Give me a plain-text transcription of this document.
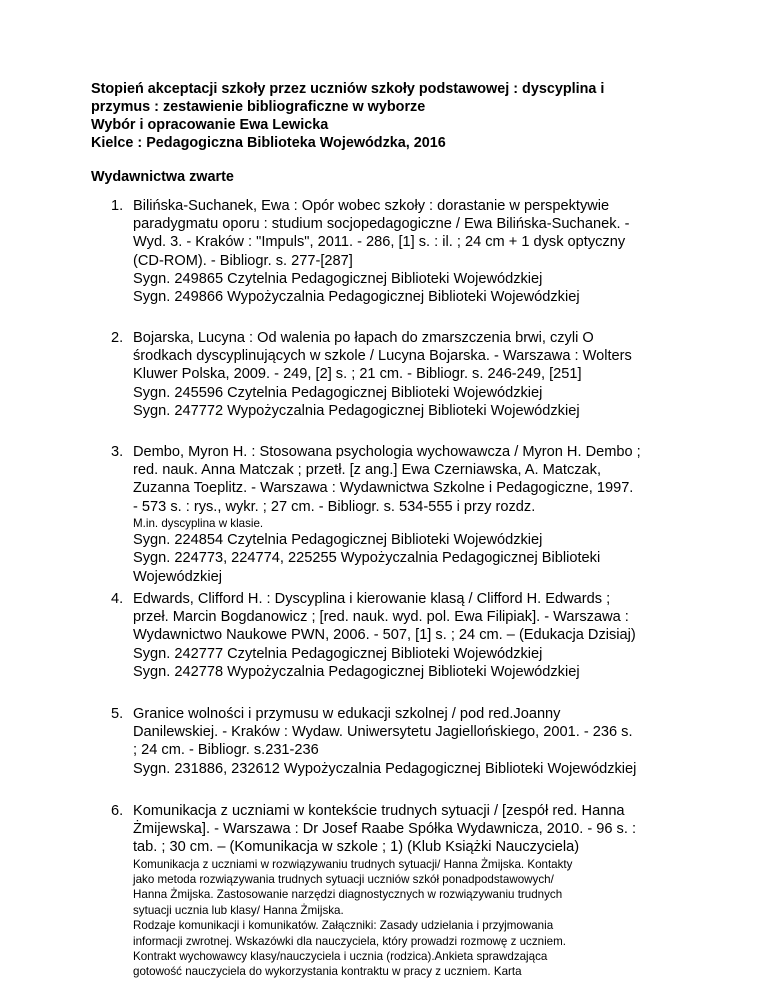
Stopień akceptacji szkoły przez uczniów szkoły podstawowej : dyscyplina i
przymus : zestawienie bibliograficzne w wyborze
Wybór i opracowanie Ewa Lewicka
Kielce : Pedagogiczna Biblioteka Wojewódzka, 2016
Wydawnictwa zwarte
1. Bilińska-Suchanek, Ewa : Opór wobec szkoły : dorastanie w perspektywie
paradygmatu oporu : studium socjopedagogiczne / Ewa Bilińska-Suchanek. -
Wyd. 3. - Kraków : "Impuls", 2011. - 286, [1] s. : il. ; 24 cm + 1 dysk optyczny
(CD-ROM). - Bibliogr. s. 277-[287]
Sygn. 249865 Czytelnia Pedagogicznej Biblioteki Wojewódzkiej
Sygn. 249866 Wypożyczalnia Pedagogicznej Biblioteki Wojewódzkiej
2. Bojarska, Lucyna : Od walenia po łapach do zmarszczenia brwi, czyli O
środkach dyscyplinujących w szkole / Lucyna Bojarska. - Warszawa : Wolters
Kluwer Polska, 2009. - 249, [2] s. ; 21 cm. - Bibliogr. s. 246-249, [251]
Sygn. 245596 Czytelnia Pedagogicznej Biblioteki Wojewódzkiej
Sygn. 247772 Wypożyczalnia Pedagogicznej Biblioteki Wojewódzkiej
3. Dembo, Myron H. : Stosowana psychologia wychowawcza / Myron H. Dembo ;
red. nauk. Anna Matczak ; przetł. [z ang.] Ewa Czerniawska, A. Matczak,
Zuzanna Toeplitz. - Warszawa : Wydawnictwa Szkolne i Pedagogiczne, 1997.
- 573 s. : rys., wykr. ; 27 cm. - Bibliogr. s. 534-555 i przy rozdz.
M.in. dyscyplina w klasie.
Sygn. 224854 Czytelnia Pedagogicznej Biblioteki Wojewódzkiej
Sygn. 224773, 224774, 225255 Wypożyczalnia Pedagogicznej Biblioteki
Wojewódzkiej
4. Edwards, Clifford H. : Dyscyplina i kierowanie klasą / Clifford H. Edwards ;
przeł. Marcin Bogdanowicz ; [red. nauk. wyd. pol. Ewa Filipiak]. - Warszawa :
Wydawnictwo Naukowe PWN, 2006. - 507, [1] s. ; 24 cm. – (Edukacja Dzisiaj)
Sygn. 242777 Czytelnia Pedagogicznej Biblioteki Wojewódzkiej
Sygn. 242778 Wypożyczalnia Pedagogicznej Biblioteki Wojewódzkiej
5. Granice wolności i przymusu w edukacji szkolnej / pod red.Joanny
Danilewskiej. - Kraków : Wydaw. Uniwersytetu Jagiellońskiego, 2001. - 236 s.
; 24 cm. - Bibliogr. s.231-236
Sygn. 231886, 232612 Wypożyczalnia Pedagogicznej Biblioteki Wojewódzkiej
6. Komunikacja z uczniami w kontekście trudnych sytuacji / [zespół red. Hanna
Żmijewska]. - Warszawa : Dr Josef Raabe Spółka Wydawnicza, 2010. - 96 s. :
tab. ; 30 cm. – (Komunikacja w szkole ; 1) (Klub Książki Nauczyciela)
Komunikacja z uczniami w rozwiązywaniu trudnych sytuacji/ Hanna Żmijska. Kontakty
jako metoda rozwiązywania trudnych sytuacji uczniów szkół ponadpodstawowych/
Hanna Żmijska. Zastosowanie narzędzi diagnostycznych w rozwiązywaniu trudnych
sytuacji ucznia lub klasy/ Hanna Żmijska.
Rodzaje komunikacji i komunikatów. Załączniki: Zasady udzielania i przyjmowania
informacji zwrotnej. Wskazówki dla nauczyciela, który prowadzi rozmowę z uczniem.
Kontrakt wychowawcy klasy/nauczyciela i ucznia (rodzica).Ankieta sprawdzająca
gotowość nauczyciela do wykorzystania kontraktu w pracy z uczniem. Karta
